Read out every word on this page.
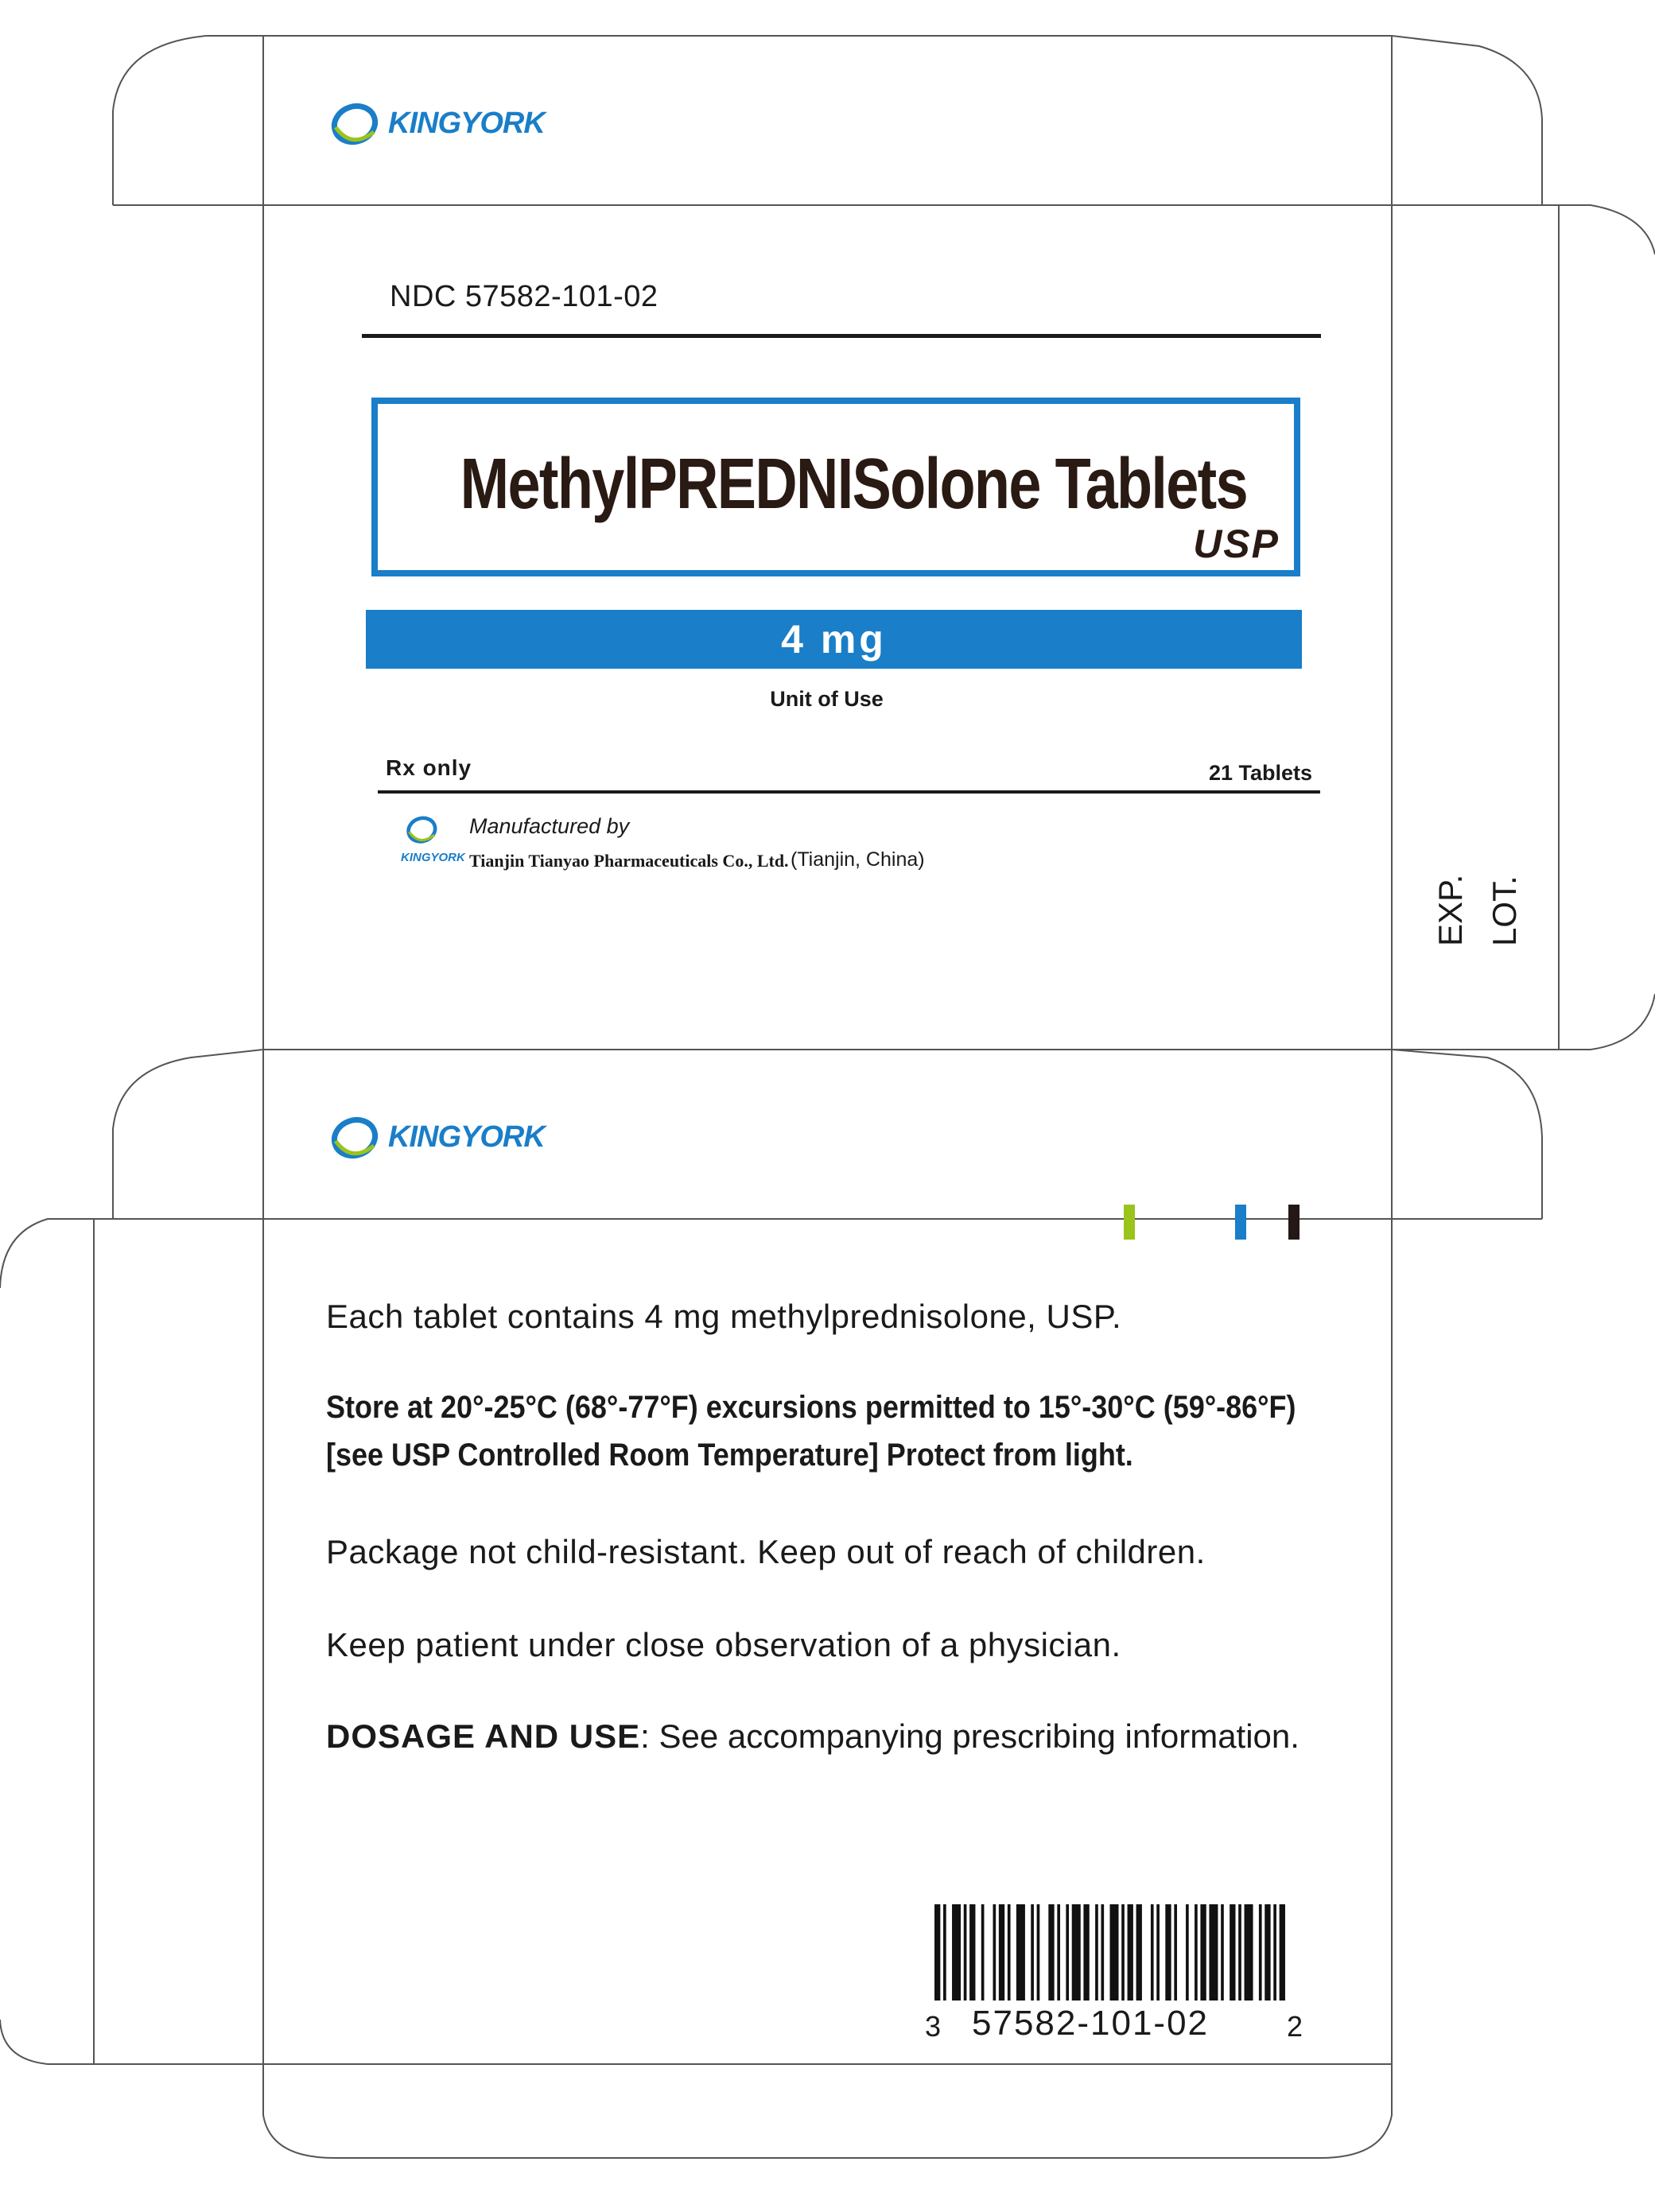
KINGYORK
NDC 57582-101-02
MethylPREDNISolone Tablets
USP
4 mg
Unit of Use
Rx only	21 Tablets
KINGYORK
Manufactured by
Tianjin Tianyao Pharmaceuticals Co., Ltd. (Tianjin, China)
EXP. LOT.
KINGYORK
Each tablet contains 4 mg methylprednisolone, USP.
Store at 20°-25°C (68°-77°F) excursions permitted to 15°-30°C (59°-86°F)
[see USP Controlled Room Temperature] Protect from light.
Package not child-resistant. Keep out of reach of children.
Keep patient under close observation of a physician.
DOSAGE AND USE: See accompanying prescribing information.
3 57582-101-02	2
